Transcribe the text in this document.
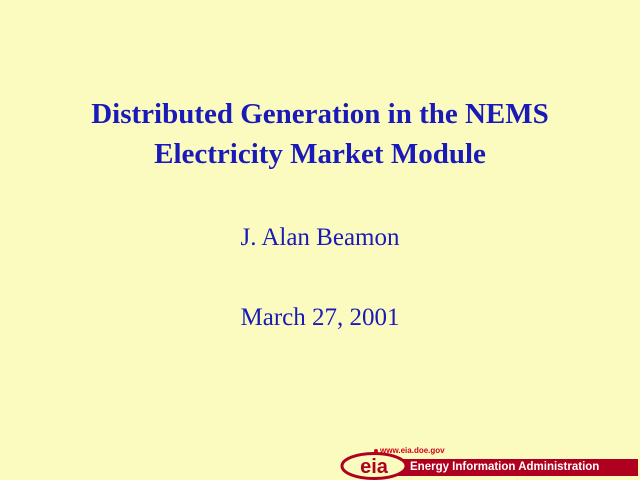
Distributed Generation in the NEMS
Electricity Market Module
J. Alan Beamon
March 27, 2001
www.eia.doe.gov
Energy Information Administration
eia
